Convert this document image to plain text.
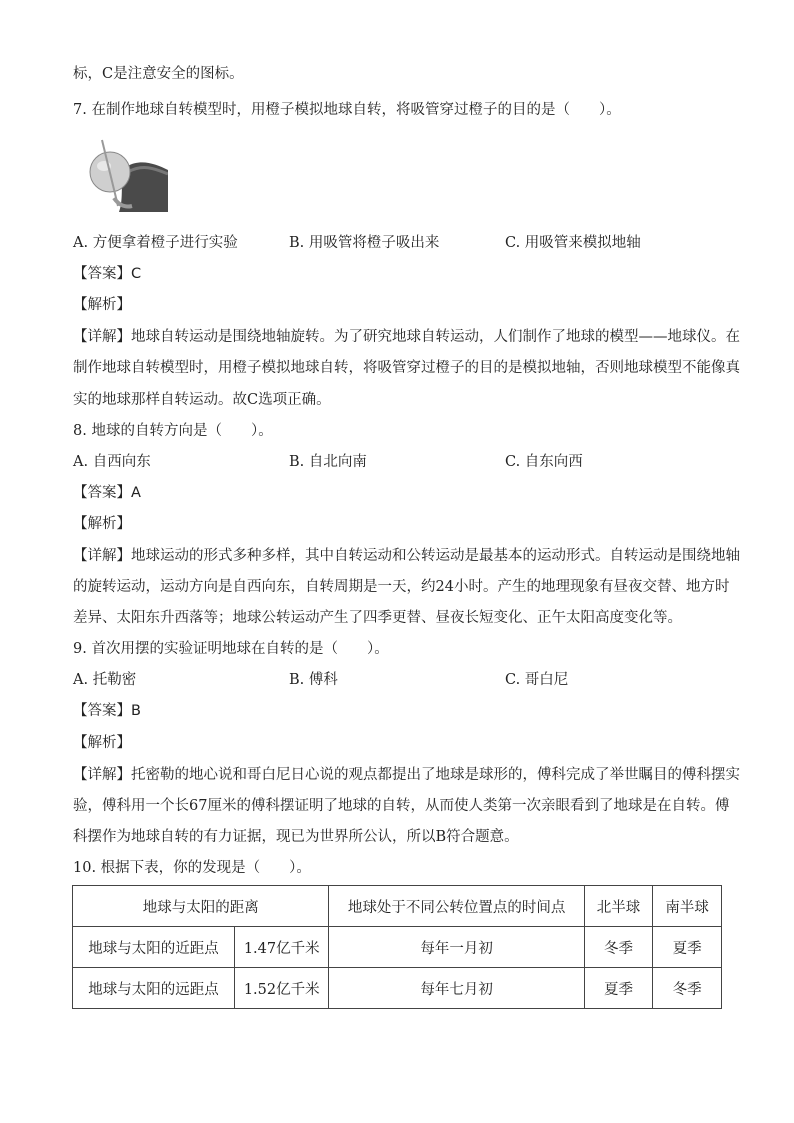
标，C是注意安全的图标。
7. 在制作地球自转模型时，用橙子模拟地球自转，将吸管穿过橙子的目的是（　　）。
A. 方便拿着橙子进行实验	B. 用吸管将橙子吸出来	C. 用吸管来模拟地轴
【答案】C
【解析】
【详解】地球自转运动是围绕地轴旋转。为了研究地球自转运动，人们制作了地球的模型——地球仪。在
制作地球自转模型时，用橙子模拟地球自转，将吸管穿过橙子的目的是模拟地轴，否则地球模型不能像真
实的地球那样自转运动。故C选项正确。
8. 地球的自转方向是（　　）。
A. 自西向东	B. 自北向南	C. 自东向西
【答案】A
【解析】
【详解】地球运动的形式多种多样，其中自转运动和公转运动是最基本的运动形式。自转运动是围绕地轴
的旋转运动，运动方向是自西向东，自转周期是一天，约24小时。产生的地理现象有昼夜交替、地方时
差异、太阳东升西落等；地球公转运动产生了四季更替、昼夜长短变化、正午太阳高度变化等。
9. 首次用摆的实验证明地球在自转的是（　　）。
A. 托勒密	B. 傅科	C. 哥白尼
【答案】B
【解析】
【详解】托密勒的地心说和哥白尼日心说的观点都提出了地球是球形的，傅科完成了举世瞩目的傅科摆实
验，傅科用一个长67厘米的傅科摆证明了地球的自转，从而使人类第一次亲眼看到了地球是在自转。傅
科摆作为地球自转的有力证据，现已为世界所公认，所以B符合题意。
10. 根据下表，你的发现是（　　）。
地球与太阳的距离		地球处于不同公转位置点的时间点	北半球	南半球
地球与太阳的近距点	1.47亿千米	每年一月初	冬季	夏季
地球与太阳的远距点	1.52亿千米	每年七月初	夏季	冬季
